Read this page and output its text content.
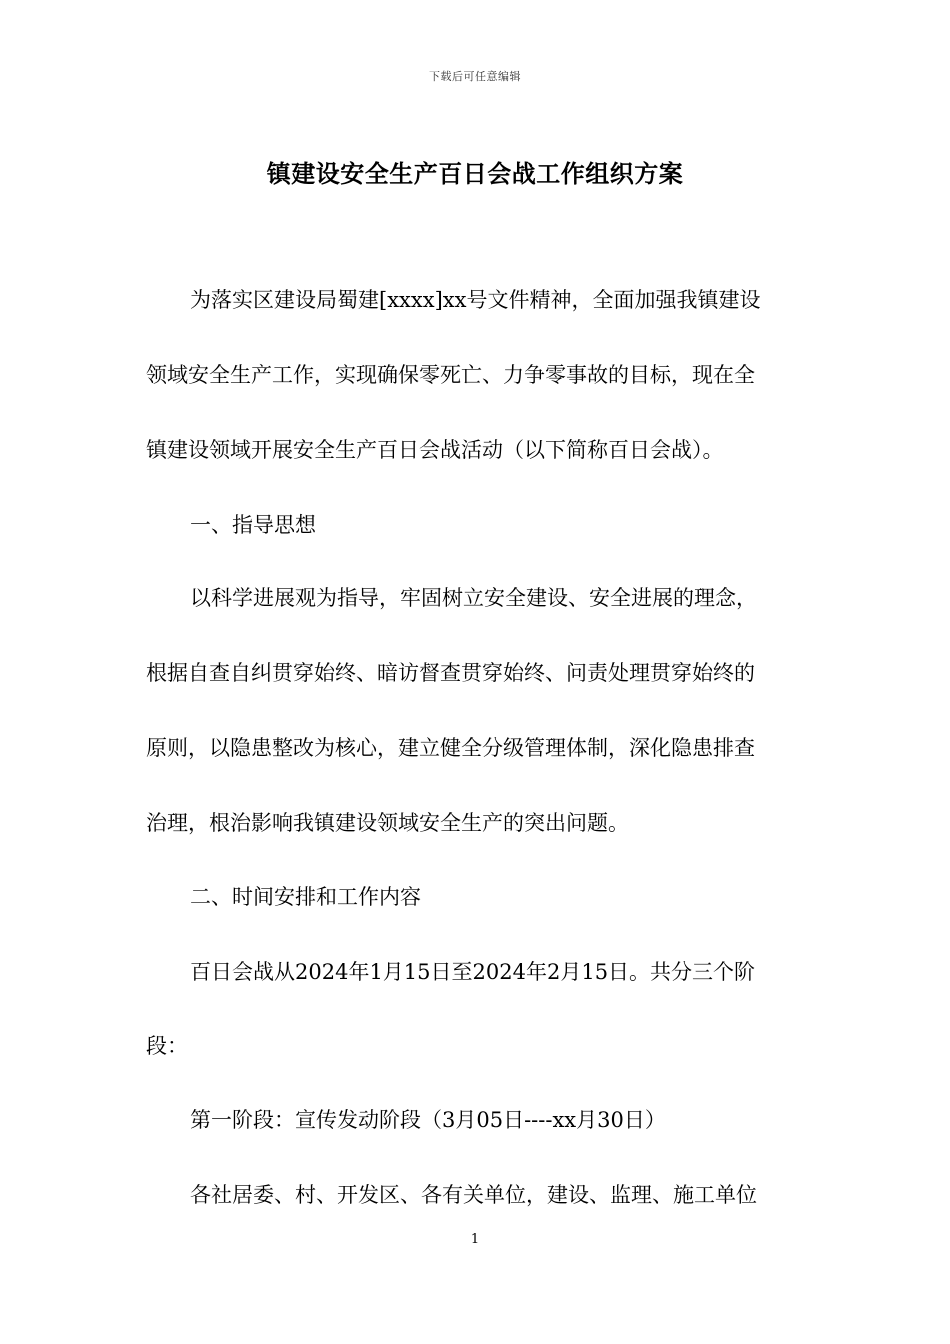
下载后可任意编辑
镇建设安全生产百日会战工作组织方案
为落实区建设局蜀建[xxxx]xx号文件精神，全面加强我镇建设
领域安全生产工作，实现确保零死亡、力争零事故的目标，现在全
镇建设领域开展安全生产百日会战活动（以下简称百日会战）。
一、指导思想
以科学进展观为指导，牢固树立安全建设、安全进展的理念，
根据自查自纠贯穿始终、暗访督查贯穿始终、问责处理贯穿始终的
原则，以隐患整改为核心，建立健全分级管理体制，深化隐患排查
治理，根治影响我镇建设领域安全生产的突出问题。
二、时间安排和工作内容
百日会战从2024年1月15日至2024年2月15日。共分三个阶
段：
第一阶段：宣传发动阶段（3月05日----xx月30日）
各社居委、村、开发区、各有关单位，建设、监理、施工单位
1
